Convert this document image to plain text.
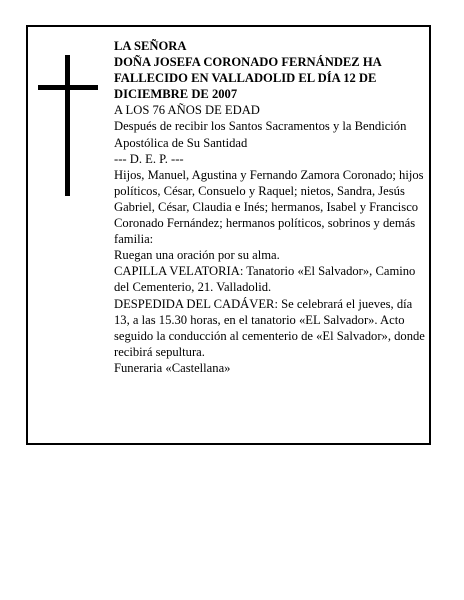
LA SEÑORA

DOÑA JOSEFA CORONADO FERNÁNDEZ HA FALLECIDO EN VALLADOLID EL DÍA 12 DE DICIEMBRE DE 2007

A LOS 76 AÑOS DE EDAD

Después de recibir los Santos Sacramentos y la Bendición Apostólica de Su Santidad

--- D. E. P. ---

Hijos, Manuel, Agustina y Fernando Zamora Coronado; hijos políticos, César, Consuelo y Raquel; nietos, Sandra, Jesús Gabriel, César, Claudia e Inés; hermanos, Isabel y Francisco Coronado Fernández; hermanos políticos, sobrinos y demás familia:

Ruegan una oración por su alma.

CAPILLA VELATORIA: Tanatorio «El Salvador», Camino del Cementerio, 21. Valladolid.

DESPEDIDA DEL CADÁVER: Se celebrará el jueves, día 13, a las 15.30 horas, en el tanatorio «EL Salvador». Acto seguido la conducción al cementerio de «El Salvador», donde recibirá sepultura.

Funeraria «Castellana»
